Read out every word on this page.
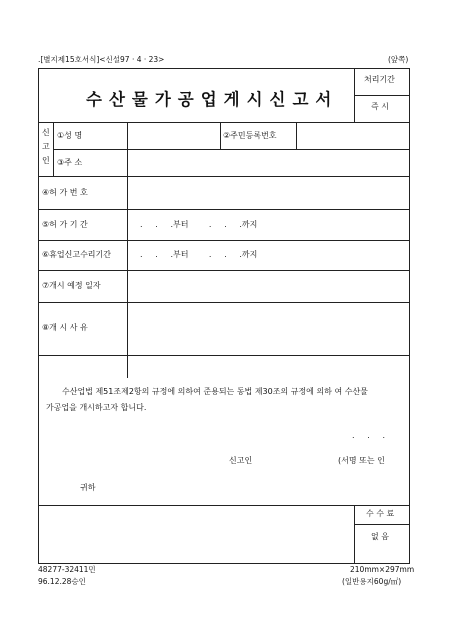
.[별지제15호서식]<신설97 · 4 · 23>	(앞쪽)
수산물가공업게시신고서
처리기간
즉 시
신
고
인
①성 명	②주민등록번호
③주 소
④허 가 번 호
⑤허 가 기 간	.     .     .부터        .     .     .까지
⑥휴업신고수리기간	.     .     .부터        .     .     .까지
⑦개시 예정 일자
⑧개 시 사 유
수산업법 제51조제2항의 규정에 의하여 준용되는 동법 제30조의 규정에 의하 여 수산물
가공업을 개시하고자 합니다.
.     .     .
신고인	(서명 또는 인
귀하
수 수 료
없 음
48277-32411민
96.12.28승인
210mm×297mm
(일반용지60g/㎡)
